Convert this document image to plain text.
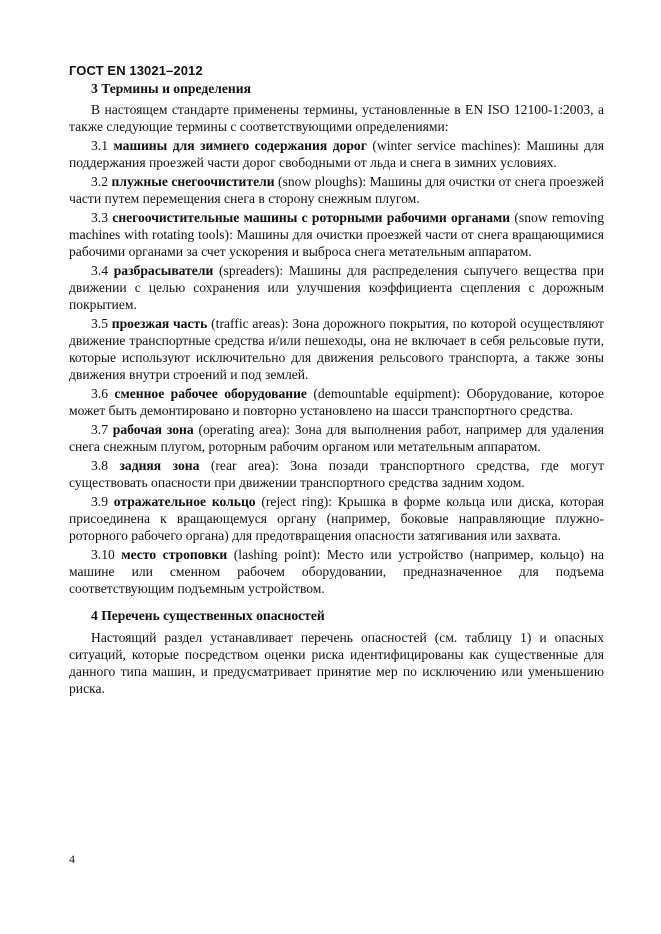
ГОСТ EN 13021–2012

3 Термины и определения

В настоящем стандарте применены термины, установленные в EN ISO 12100-1:2003, а также следующие термины с соответствующими определениями:

3.1 машины для зимнего содержания дорог (winter service machines): Машины для поддержания проезжей части дорог свободными от льда и снега в зимних условиях.

3.2 плужные снегоочистители (snow ploughs): Машины для очистки от снега проезжей части путем перемещения снега в сторону снежным плугом.

3.3 снегоочистительные машины с роторными рабочими органами (snow removing machines with rotating tools): Машины для очистки проезжей части от снега вращающимися рабочими органами за счет ускорения и выброса снега метательным аппаратом.

3.4 разбрасыватели (spreaders): Машины для распределения сыпучего вещества при движении с целью сохранения или улучшения коэффициента сцепления с дорожным покрытием.

3.5 проезжая часть (traffic areas): Зона дорожного покрытия, по которой осуществляют движение транспортные средства и/или пешеходы, она не включает в себя рельсовые пути, которые используют исключительно для движения рельсового транспорта, а также зоны движения внутри строений и под землей.

3.6 сменное рабочее оборудование (demountable equipment): Оборудование, которое может быть демонтировано и повторно установлено на шасси транспортного средства.

3.7 рабочая зона (operating area): Зона для выполнения работ, например для удаления снега снежным плугом, роторным рабочим органом или метательным аппаратом.

3.8 задняя зона (rear area): Зона позади транспортного средства, где могут существовать опасности при движении транспортного средства задним ходом.

3.9 отражательное кольцо (reject ring): Крышка в форме кольца или диска, которая присоединена к вращающемуся органу (например, боковые направляющие плужно-роторного рабочего органа) для предотвращения опасности затягивания или захвата.

3.10 место строповки (lashing point): Место или устройство (например, кольцо) на машине или сменном рабочем оборудовании, предназначенное для подъема соответствующим подъемным устройством.

4 Перечень существенных опасностей

Настоящий раздел устанавливает перечень опасностей (см. таблицу 1) и опасных ситуаций, которые посредством оценки риска идентифицированы как существенные для данного типа машин, и предусматривает принятие мер по исключению или уменьшению риска.

4
